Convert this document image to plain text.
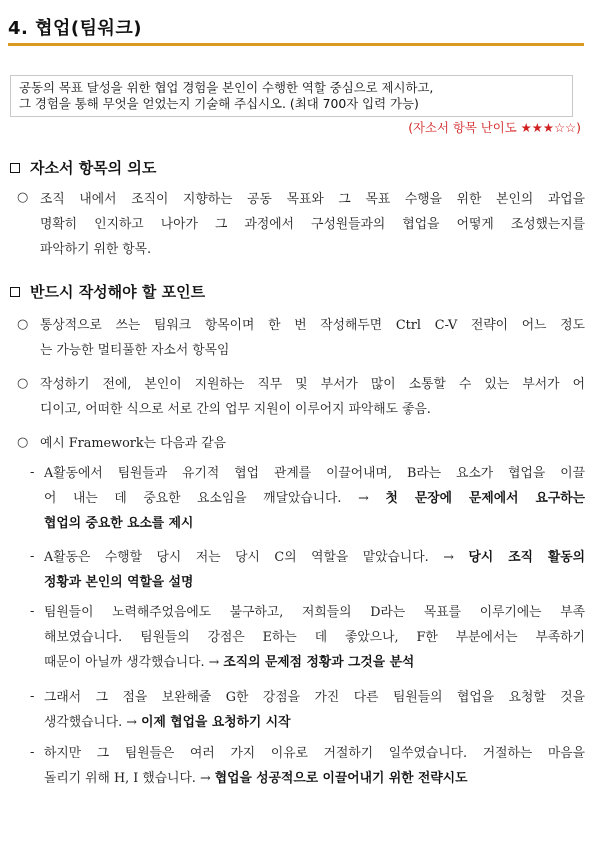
4. 협업(팀워크)
공동의 목표 달성을 위한 협업 경험을 본인이 수행한 역할 중심으로 제시하고,
그 경험을 통해 무엇을 얻었는지 기술해 주십시오. (최대 700자 입력 가능)
(자소서 항목 난이도 ★★★☆☆)
자소서 항목의 의도
○ 조직 내에서 조직이 지향하는 공동 목표와 그 목표 수행을 위한 본인의 과업을
명확히 인지하고 나아가 그 과정에서 구성원들과의 협업을 어떻게 조성했는지를
파악하기 위한 항목.
반드시 작성해야 할 포인트
○ 통상적으로 쓰는 팀워크 항목이며 한 번 작성해두면 Ctrl C-V 전략이 어느 정도
는 가능한 멀티풀한 자소서 항목임
○ 작성하기 전에, 본인이 지원하는 직무 및 부서가 많이 소통할 수 있는 부서가 어
디이고, 어떠한 식으로 서로 간의 업무 지원이 이루어지 파악해도 좋음.
○ 예시 Framework는 다음과 같음
- A활동에서 팀원들과 유기적 협업 관계를 이끌어내며, B라는 요소가 협업을 이끌
어 내는 데 중요한 요소임을 깨달았습니다. → 첫 문장에 문제에서 요구하는
협업의 중요한 요소를 제시
- A활동은 수행할 당시 저는 당시 C의 역할을 맡았습니다. → 당시 조직 활동의
정황과 본인의 역할을 설명
- 팀원들이 노력해주었음에도 불구하고, 저희들의 D라는 목표를 이루기에는 부족
해보였습니다. 팀원들의 강점은 E하는 데 좋았으나, F한 부분에서는 부족하기
때문이 아닐까 생각했습니다. → 조직의 문제점 정황과 그것을 분석
- 그래서 그 점을 보완해줄 G한 강점을 가진 다른 팀원들의 협업을 요청할 것을
생각했습니다. → 이제 협업을 요청하기 시작
- 하지만 그 팀원들은 여러 가지 이유로 거절하기 일쑤였습니다. 거절하는 마음을
돌리기 위해 H, I 했습니다. → 협업을 성공적으로 이끌어내기 위한 전략시도
